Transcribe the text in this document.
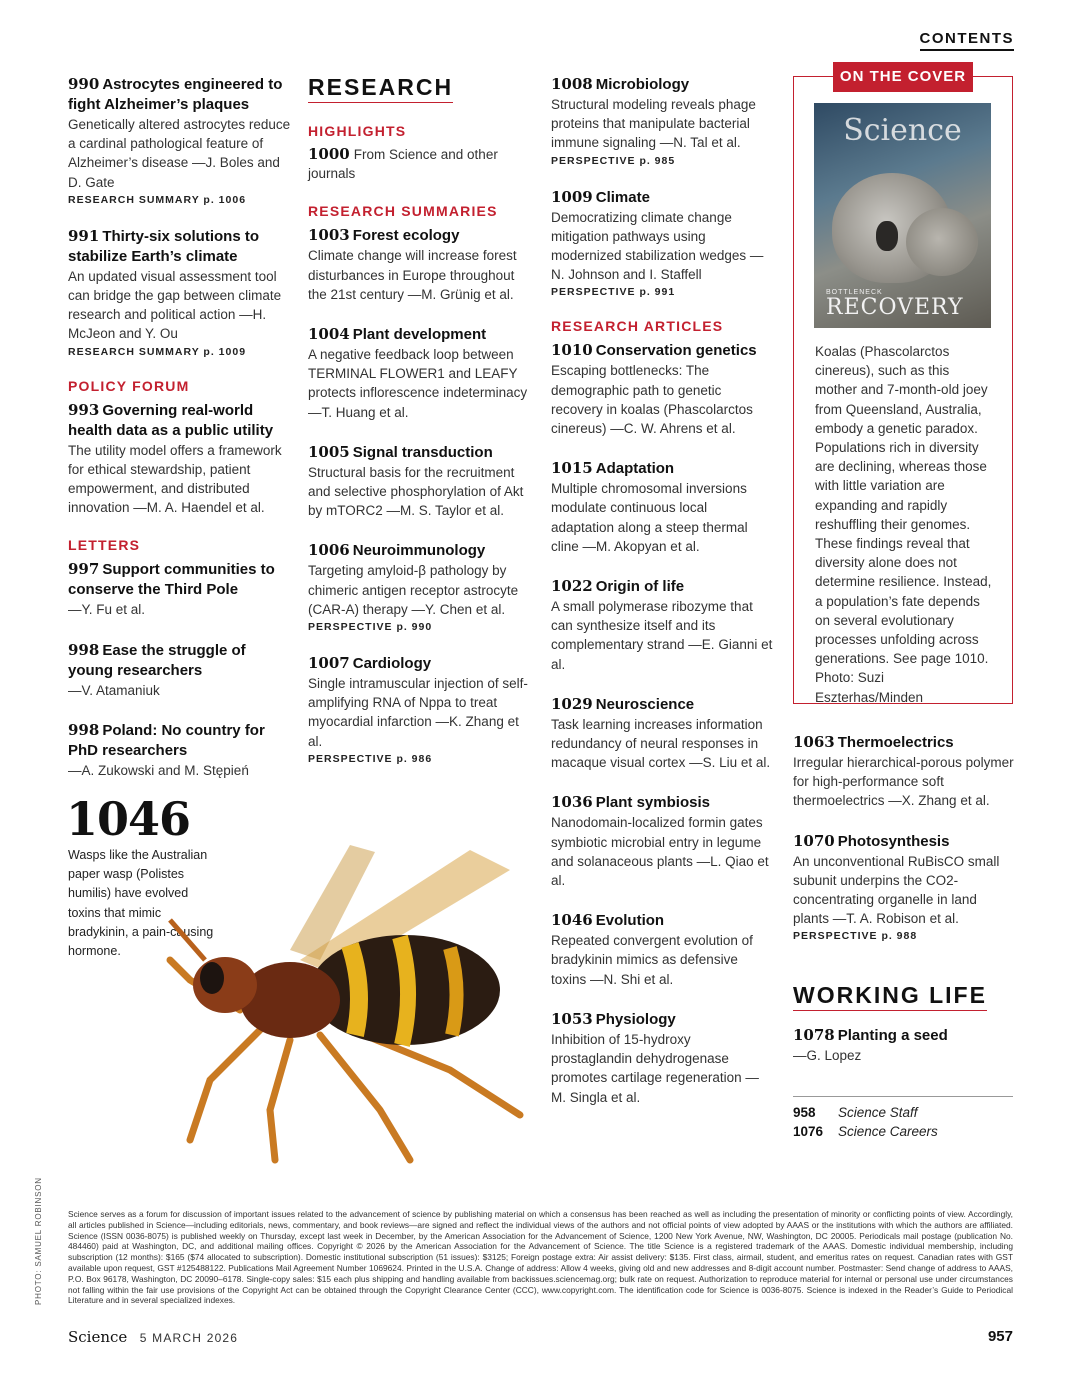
CONTENTS
990 Astrocytes engineered to fight Alzheimer’s plaques
Genetically altered astrocytes reduce a cardinal pathological feature of Alzheimer’s disease —J. Boles and D. Gate
RESEARCH SUMMARY p. 1006
991 Thirty-six solutions to stabilize Earth’s climate
An updated visual assessment tool can bridge the gap between climate research and political action —H. McJeon and Y. Ou
RESEARCH SUMMARY p. 1009
POLICY FORUM
993 Governing real-world health data as a public utility
The utility model offers a framework for ethical stewardship, patient empowerment, and distributed innovation —M. A. Haendel et al.
LETTERS
997 Support communities to conserve the Third Pole
—Y. Fu et al.
998 Ease the struggle of young researchers
—V. Atamaniuk
998 Poland: No country for PhD researchers
—A. Zukowski and M. Stępień
RESEARCH
HIGHLIGHTS
1000 From Science and other journals
RESEARCH SUMMARIES
1003 Forest ecology
Climate change will increase forest disturbances in Europe throughout the 21st century —M. Grünig et al.
1004 Plant development
A negative feedback loop between TERMINAL FLOWER1 and LEAFY protects inflorescence indeterminacy —T. Huang et al.
1005 Signal transduction
Structural basis for the recruitment and selective phosphorylation of Akt by mTORC2 —M. S. Taylor et al.
1006 Neuroimmunology
Targeting amyloid-β pathology by chimeric antigen receptor astrocyte (CAR-A) therapy —Y. Chen et al.
PERSPECTIVE p. 990
1007 Cardiology
Single intramuscular injection of self-amplifying RNA of Nppa to treat myocardial infarction —K. Zhang et al.
PERSPECTIVE p. 986
1008 Microbiology
Structural modeling reveals phage proteins that manipulate bacterial immune signaling —N. Tal et al.
PERSPECTIVE p. 985
1009 Climate
Democratizing climate change mitigation pathways using modernized stabilization wedges —N. Johnson and I. Staffell
PERSPECTIVE p. 991
RESEARCH ARTICLES
1010 Conservation genetics
Escaping bottlenecks: The demographic path to genetic recovery in koalas (Phascolarctos cinereus) —C. W. Ahrens et al.
1015 Adaptation
Multiple chromosomal inversions modulate continuous local adaptation along a steep thermal cline —M. Akopyan et al.
1022 Origin of life
A small polymerase ribozyme that can synthesize itself and its complementary strand —E. Gianni et al.
1029 Neuroscience
Task learning increases information redundancy of neural responses in macaque visual cortex —S. Liu et al.
1036 Plant symbiosis
Nanodomain-localized formin gates symbiotic microbial entry in legume and solanaceous plants —L. Qiao et al.
1046 Evolution
Repeated convergent evolution of bradykinin mimics as defensive toxins —N. Shi et al.
1053 Physiology
Inhibition of 15-hydroxy prostaglandin dehydrogenase promotes cartilage regeneration —M. Singla et al.
ON THE COVER
Science
BOTTLENECK
RECOVERY
Koalas (Phascolarctos cinereus), such as this mother and 7-month-old joey from Queensland, Australia, embody a genetic paradox. Populations rich in diversity are declining, whereas those with little variation are expanding and rapidly reshuffling their genomes. These findings reveal that diversity alone does not determine resilience. Instead, a population’s fate depends on several evolutionary processes unfolding across generations. See page 1010. Photo: Suzi Eszterhas/Minden
1063 Thermoelectrics
Irregular hierarchical-porous polymer for high-performance soft thermoelectrics —X. Zhang et al.
1070 Photosynthesis
An unconventional RuBisCO small subunit underpins the CO2-concentrating organelle in land plants —T. A. Robison et al.
PERSPECTIVE p. 988
WORKING LIFE
1078 Planting a seed
—G. Lopez
958 Science Staff
1076 Science Careers
1046
Wasps like the Australian paper wasp (Polistes humilis) have evolved toxins that mimic bradykinin, a pain-causing hormone.
PHOTO: SAMUEL ROBINSON	Science serves as a forum for discussion of important issues related to the advancement of science by publishing material on which a consensus has been reached as well as including the presentation of minority or conflicting points of view. Accordingly, all articles published in Science—including editorials, news, commentary, and book reviews—are signed and reflect the individual views of the authors and not official points of view adopted by AAAS or the institutions with which the authors are affiliated. Science (ISSN 0036-8075) is published weekly on Thursday, except last week in December, by the American Association for the Advancement of Science, 1200 New York Avenue, NW, Washington, DC 20005. Periodicals mail postage (publication No. 484460) paid at Washington, DC, and additional mailing offices. Copyright © 2026 by the American Association for the Advancement of Science. The title Science is a registered trademark of the AAAS. Domestic individual membership, including subscription (12 months): $165 ($74 allocated to subscription). Domestic institutional subscription (51 issues): $3125; Foreign postage extra: Air assist delivery: $135. First class, airmail, student, and emeritus rates on request. Canadian rates with GST available upon request, GST #125488122. Publications Mail Agreement Number 1069624. Printed in the U.S.A. Change of address: Allow 4 weeks, giving old and new addresses and 8-digit account number. Postmaster: Send change of address to AAAS, P.O. Box 96178, Washington, DC 20090–6178. Single-copy sales: $15 each plus shipping and handling available from backissues.sciencemag.org; bulk rate on request. Authorization to reproduce material for internal or personal use under circumstances not falling within the fair use provisions of the Copyright Act can be obtained through the Copyright Clearance Center (CCC), www.copyright.com. The identification code for Science is 0036-8075. Science is indexed in the Reader’s Guide to Periodical Literature and in several specialized indexes.
Science 5 MARCH 2026	957
